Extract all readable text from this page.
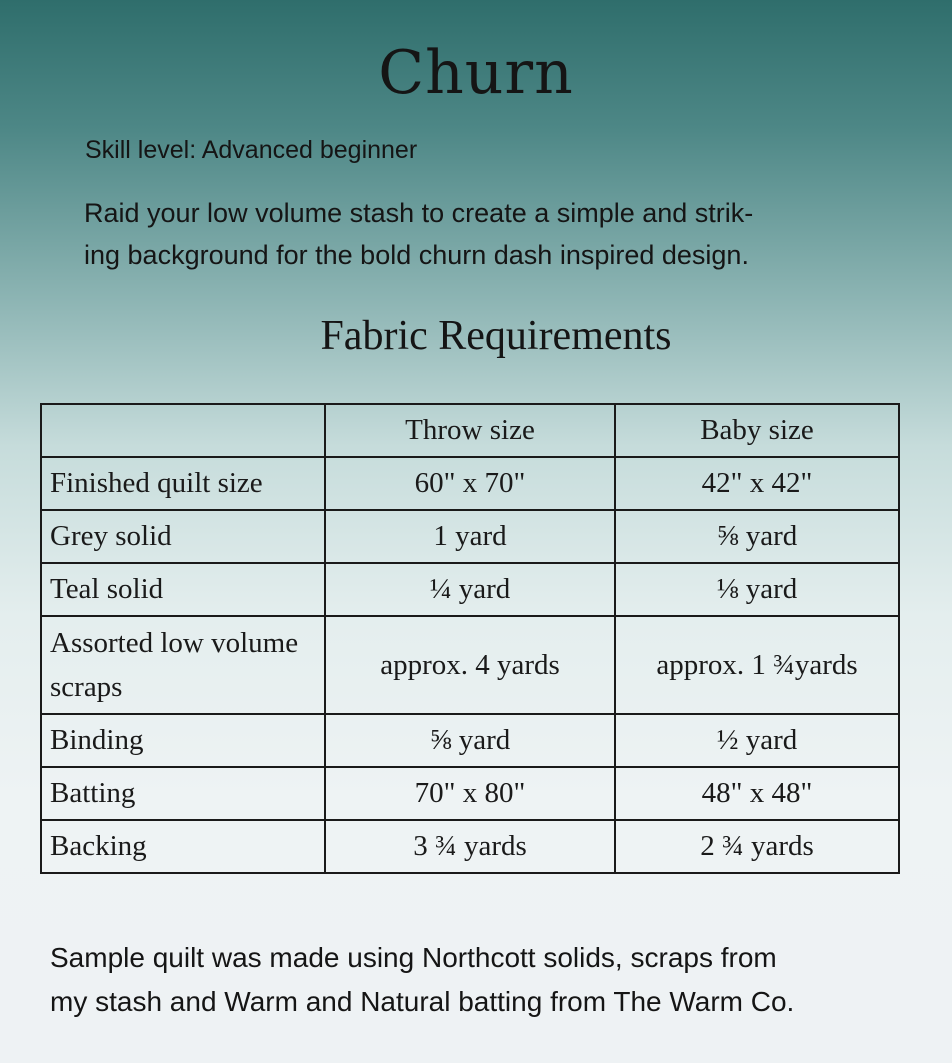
Churn
Skill level: Advanced beginner
Raid your low volume stash to create a simple and strik-
ing background for the bold churn dash inspired design.
Fabric Requirements
	Throw size	Baby size
Finished quilt size	60" x 70"	42" x 42"
Grey solid	1 yard	⅝ yard
Teal solid	¼ yard	⅛ yard
Assorted low volume scraps	approx. 4 yards	approx. 1 ¾yards
Binding	⅝ yard	½ yard
Batting	70" x 80"	48" x 48"
Backing	3 ¾ yards	2 ¾ yards
Sample quilt was made using Northcott solids, scraps from
my stash and Warm and Natural batting from The Warm Co.
